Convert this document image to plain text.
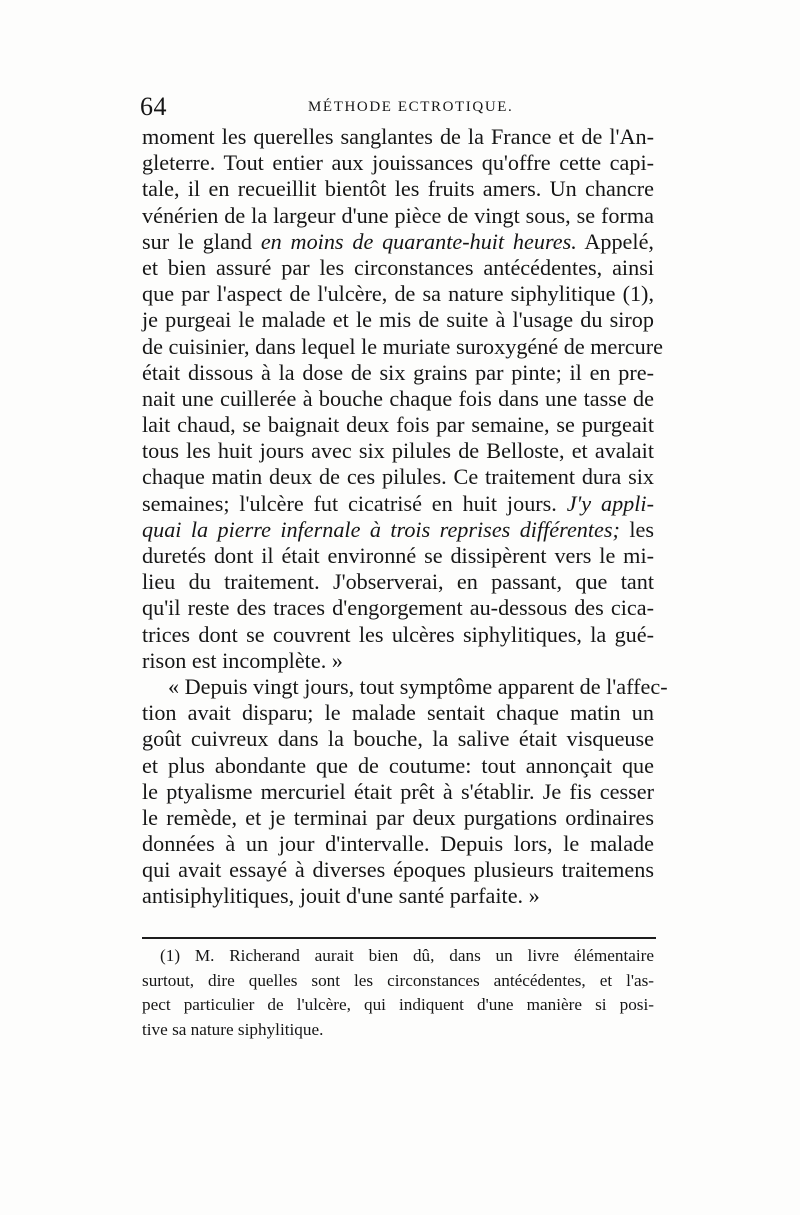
64	MÉTHODE ECTROTIQUE.
moment les querelles sanglantes de la France et de l'An-
gleterre. Tout entier aux jouissances qu'offre cette capi-
tale, il en recueillit bientôt les fruits amers. Un chancre
vénérien de la largeur d'une pièce de vingt sous, se forma
sur le gland en moins de quarante-huit heures. Appelé,
et bien assuré par les circonstances antécédentes, ainsi
que par l'aspect de l'ulcère, de sa nature siphylitique (1),
je purgeai le malade et le mis de suite à l'usage du sirop
de cuisinier, dans lequel le muriate suroxygéné de mercure
était dissous à la dose de six grains par pinte; il en pre-
nait une cuillerée à bouche chaque fois dans une tasse de
lait chaud, se baignait deux fois par semaine, se purgeait
tous les huit jours avec six pilules de Belloste, et avalait
chaque matin deux de ces pilules. Ce traitement dura six
semaines; l'ulcère fut cicatrisé en huit jours. J'y appli-
quai la pierre infernale à trois reprises différentes; les
duretés dont il était environné se dissipèrent vers le mi-
lieu du traitement. J'observerai, en passant, que tant
qu'il reste des traces d'engorgement au-dessous des cica-
trices dont se couvrent les ulcères siphylitiques, la gué-
rison est incomplète. »
« Depuis vingt jours, tout symptôme apparent de l'affec-
tion avait disparu; le malade sentait chaque matin un
goût cuivreux dans la bouche, la salive était visqueuse
et plus abondante que de coutume: tout annonçait que
le ptyalisme mercuriel était prêt à s'établir. Je fis cesser
le remède, et je terminai par deux purgations ordinaires
données à un jour d'intervalle. Depuis lors, le malade
qui avait essayé à diverses époques plusieurs traitemens
antisiphylitiques, jouit d'une santé parfaite. »
(1) M. Richerand aurait bien dû, dans un livre élémentaire
surtout, dire quelles sont les circonstances antécédentes, et l'as-
pect particulier de l'ulcère, qui indiquent d'une manière si posi-
tive sa nature siphylitique.
